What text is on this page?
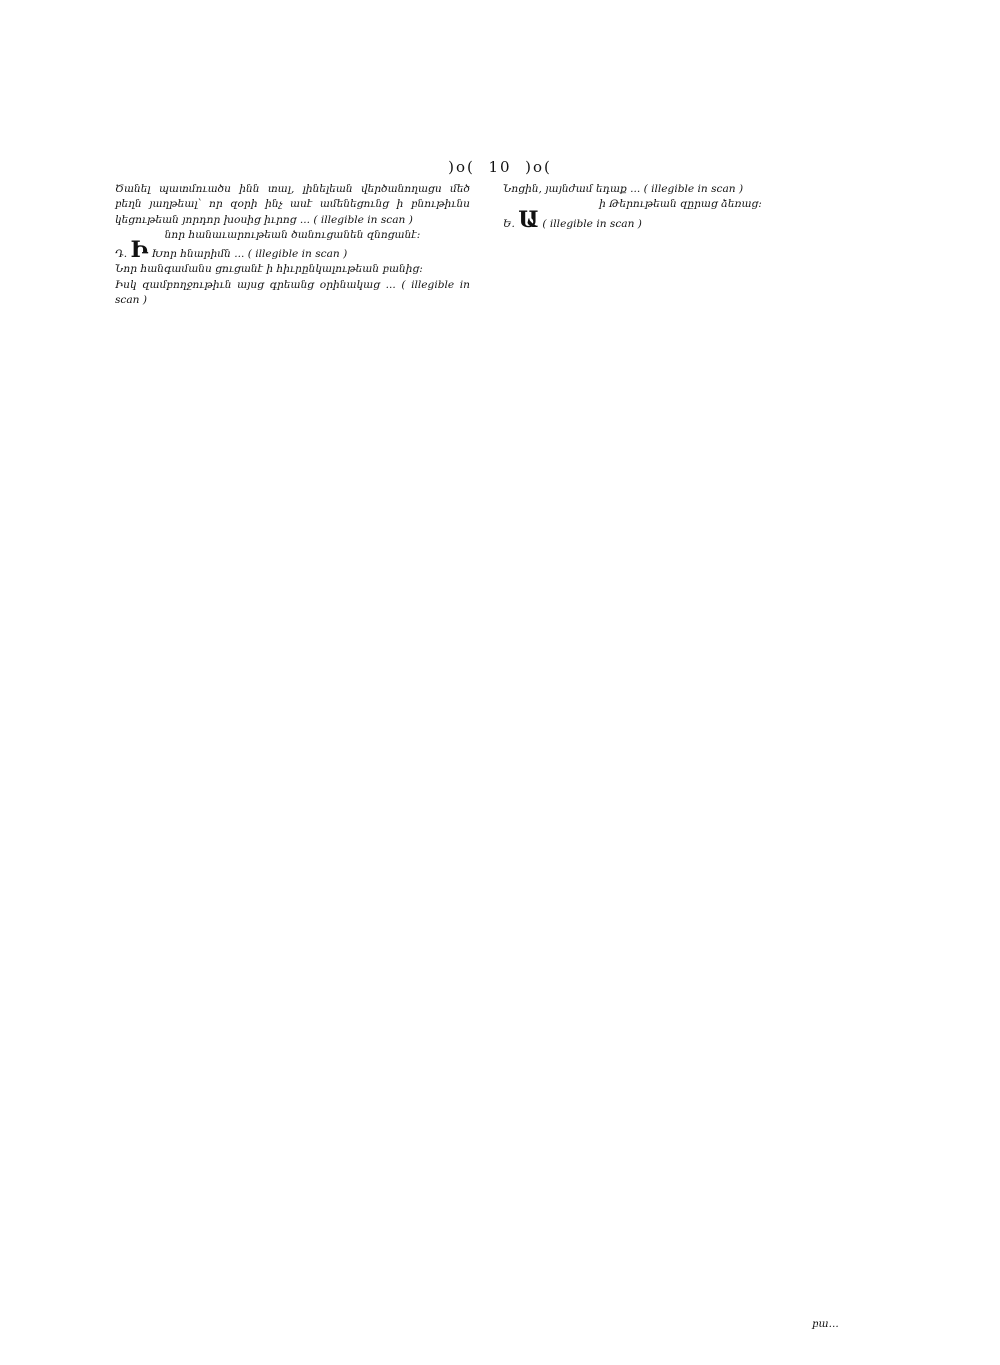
)o( 10 )o(

Ծանել պատմուածս ինն տալ, լինելեան վերծանողացս մեծ բեղն յաղթեալ՝ որ զօրի ինչ ասէ ամենեցունց ի բնութիւնս կեցութեան յորդոր խօսից իւրոց ... ( illegible in scan )

նոր հանաւարութեան ծանուցանեն զնոցանէ։

Դ. Ի Խոր հնարիմն ... ( illegible in scan )

Նոր հանգամանս ցուցանէ ի հիւրընկալութեան բանից։

Իսկ զամբողջութիւն այսց գրեանց օրինակաց ... ( illegible in scan )

Նոցին, յայնժամ եդաք ... ( illegible in scan )

ի Թերութեան զըրաց ձեռաց։

Ե. Ա ( illegible in scan )

բա...
